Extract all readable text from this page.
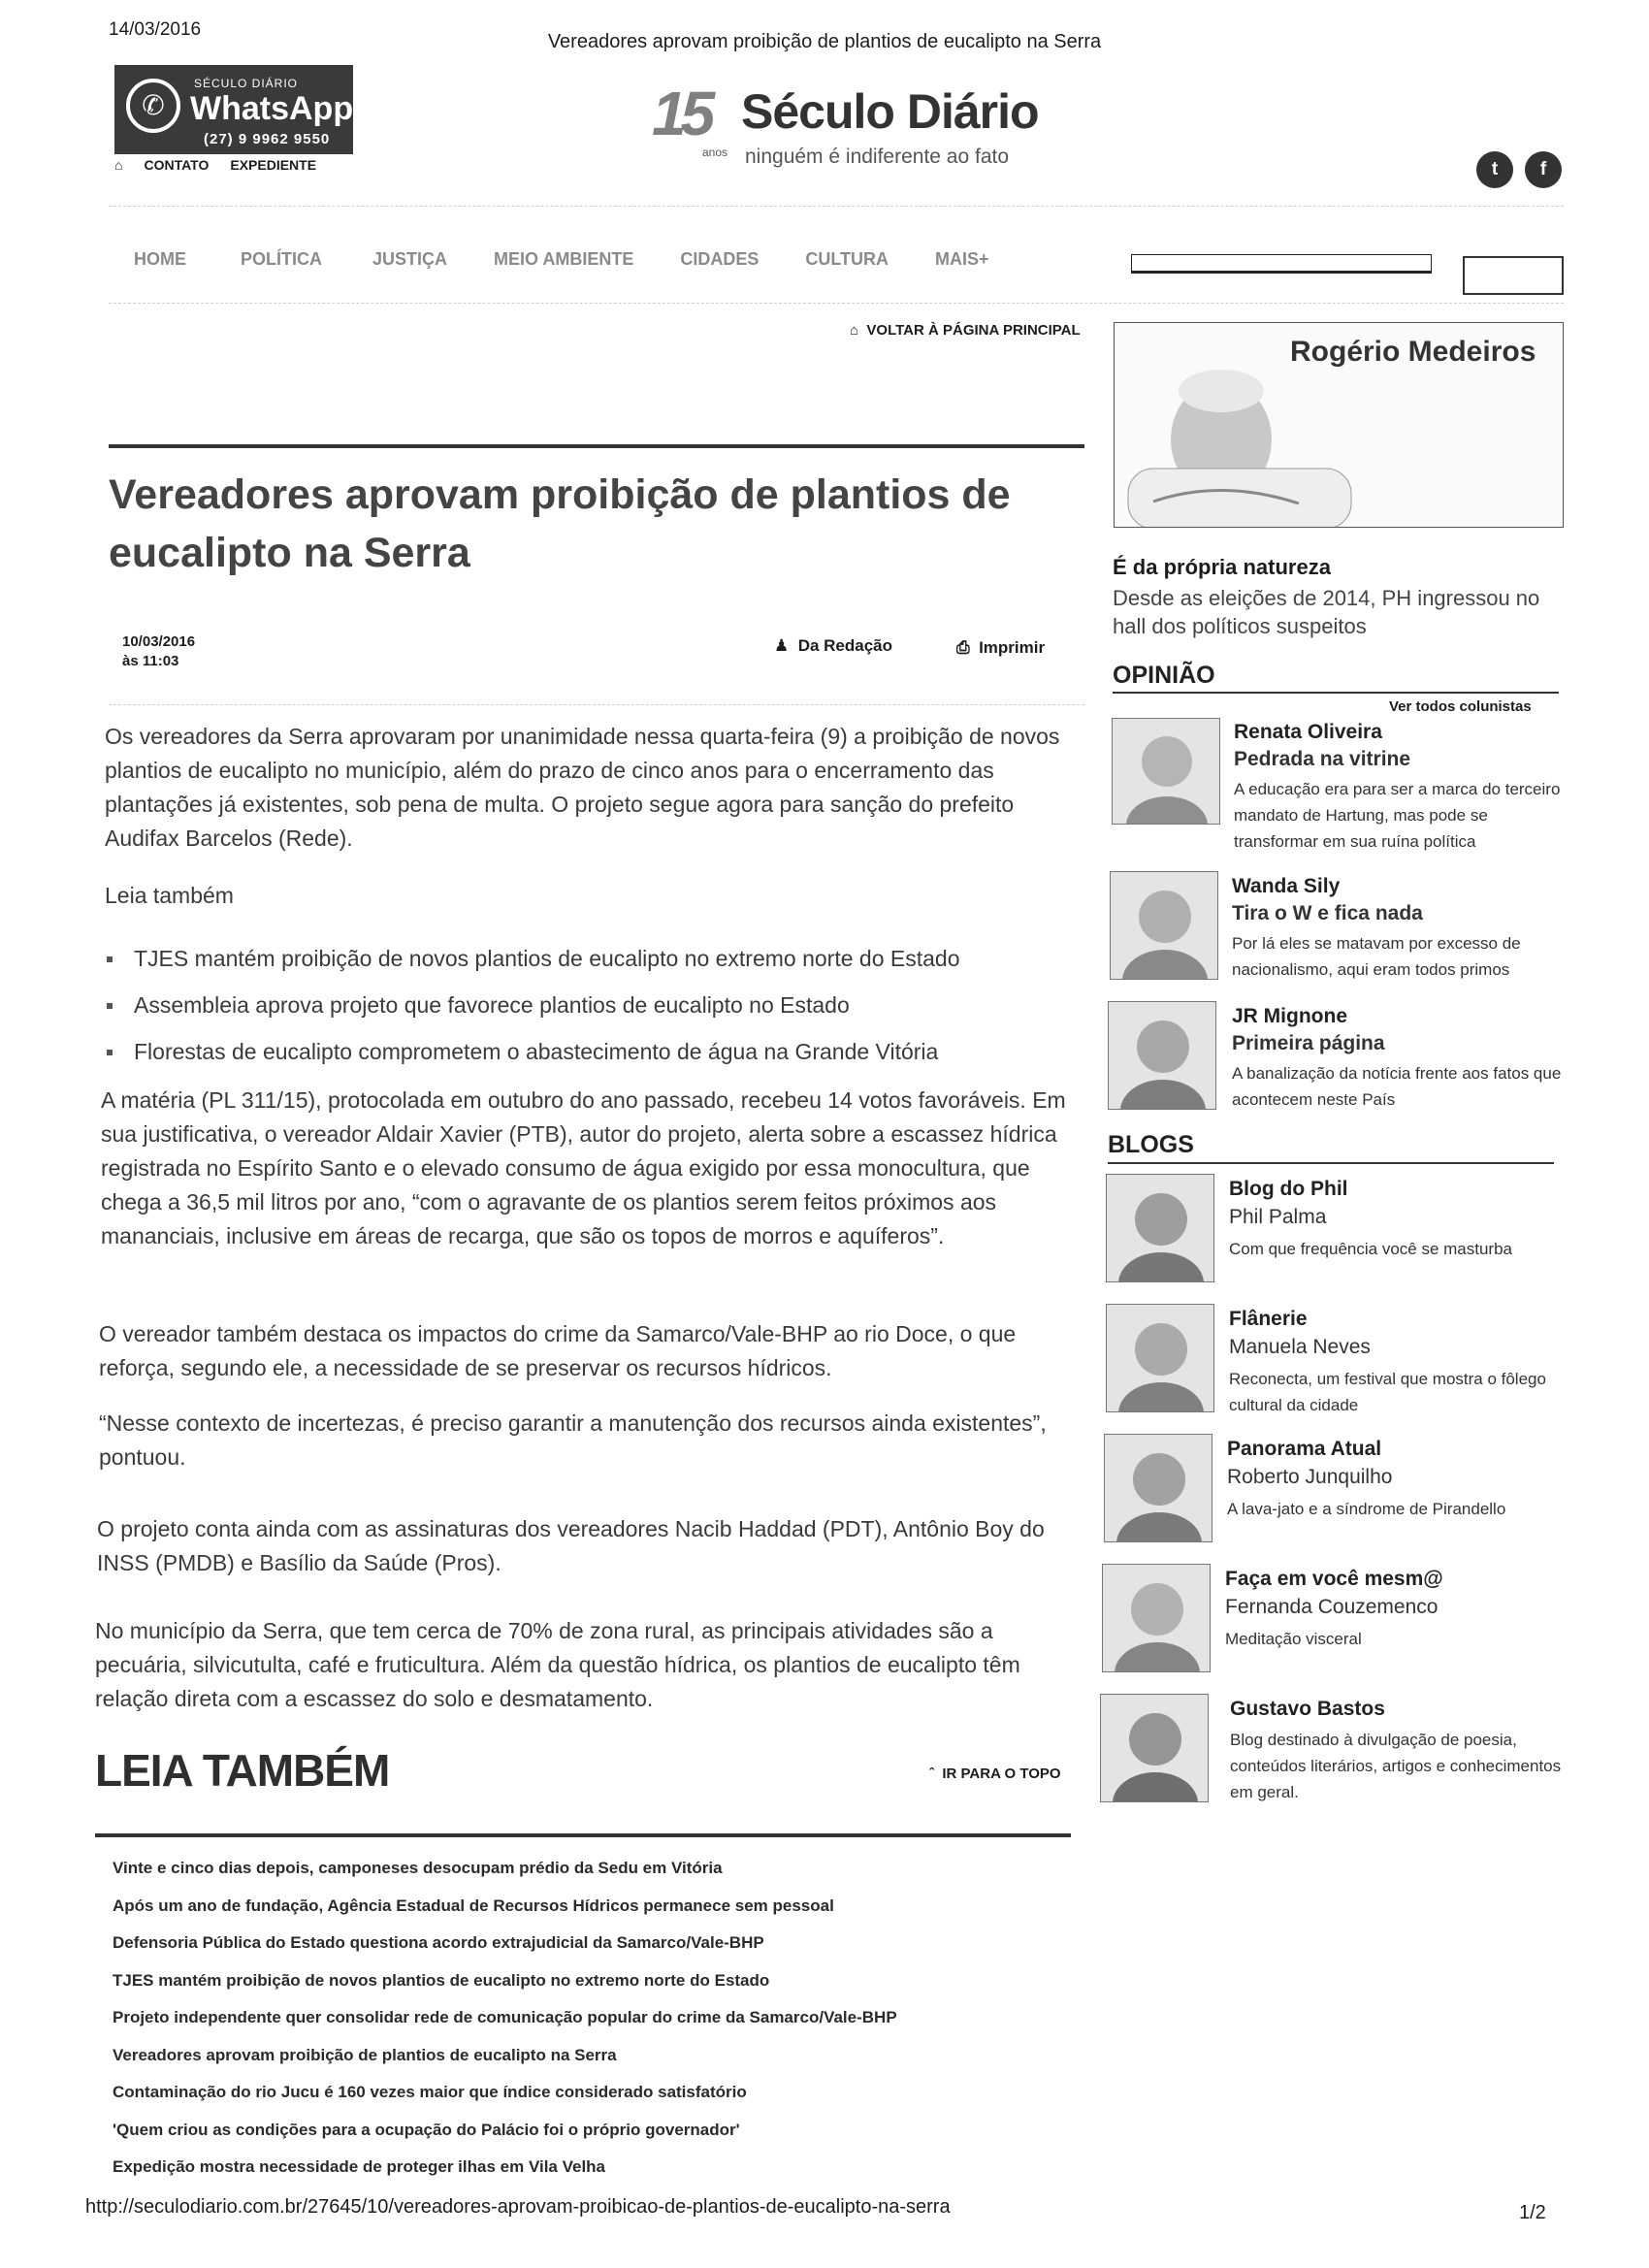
14/03/2016
Vereadores aprovam proibição de plantios de eucalipto na Serra
✆
SÉCULO DIÁRIO
WhatsApp
(27) 9 9962 9550
⌂ CONTATO EXPEDIENTE
15
anos
Século Diário
ninguém é indiferente ao fato
t	f
HOME	POLÍTICA	JUSTIÇA	MEIO AMBIENTE	CIDADES	CULTURA	MAIS+
⌂ VOLTAR À PÁGINA PRINCIPAL
Vereadores aprovam proibição de plantios de eucalipto na Serra
10/03/2016
às 11:03
♟ Da Redação	⎙ Imprimir

Os vereadores da Serra aprovaram por unanimidade nessa quarta-feira (9) a proibição de novos plantios de eucalipto no município, além do prazo de cinco anos para o encerramento das plantações já existentes, sob pena de multa. O projeto segue agora para sanção do prefeito Audifax Barcelos (Rede).

Leia também
TJES mantém proibição de novos plantios de eucalipto no extremo norte do Estado
Assembleia aprova projeto que favorece plantios de eucalipto no Estado
Florestas de eucalipto comprometem o abastecimento de água na Grande Vitória

A matéria (PL 311/15), protocolada em outubro do ano passado, recebeu 14 votos favoráveis. Em sua justificativa, o vereador Aldair Xavier (PTB), autor do projeto, alerta sobre a escassez hídrica registrada no Espírito Santo e o elevado consumo de água exigido por essa monocultura, que chega a 36,5 mil litros por ano, “com o agravante de os plantios serem feitos próximos aos mananciais, inclusive em áreas de recarga, que são os topos de morros e aquíferos”.

O vereador também destaca os impactos do crime da Samarco/Vale-BHP ao rio Doce, o que reforça, segundo ele, a necessidade de se preservar os recursos hídricos.

“Nesse contexto de incertezas, é preciso garantir a manutenção dos recursos ainda existentes”, pontuou.

O projeto conta ainda com as assinaturas dos vereadores Nacib Haddad (PDT), Antônio Boy do INSS (PMDB) e Basílio da Saúde (Pros).

No município da Serra, que tem cerca de 70% de zona rural, as principais atividades são a pecuária, silvicutulta, café e fruticultura. Além da questão hídrica, os plantios de eucalipto têm relação direta com a escassez do solo e desmatamento.

LEIA TAMBÉM	ˆ IR PARA O TOPO
Vinte e cinco dias depois, camponeses desocupam prédio da Sedu em Vitória
Após um ano de fundação, Agência Estadual de Recursos Hídricos permanece sem pessoal
Defensoria Pública do Estado questiona acordo extrajudicial da Samarco/Vale-BHP
TJES mantém proibição de novos plantios de eucalipto no extremo norte do Estado
Projeto independente quer consolidar rede de comunicação popular do crime da Samarco/Vale-BHP
Vereadores aprovam proibição de plantios de eucalipto na Serra
Contaminação do rio Jucu é 160 vezes maior que índice considerado satisfatório
'Quem criou as condições para a ocupação do Palácio foi o próprio governador'
Expedição mostra necessidade de proteger ilhas em Vila Velha
Rogério Medeiros
É da própria natureza
Desde as eleições de 2014, PH ingressou no hall dos políticos suspeitos
OPINIÃO
Ver todos colunistas
Renata Oliveira
Pedrada na vitrine
A educação era para ser a marca do terceiro mandato de Hartung, mas pode se transformar em sua ruína política
Wanda Sily
Tira o W e fica nada
Por lá eles se matavam por excesso de nacionalismo, aqui eram todos primos
JR Mignone
Primeira página
A banalização da notícia frente aos fatos que acontecem neste País
BLOGS
Blog do Phil
Phil Palma
Com que frequência você se masturba
Flânerie
Manuela Neves
Reconecta, um festival que mostra o fôlego cultural da cidade
Panorama Atual
Roberto Junquilho
A lava-jato e a síndrome de Pirandello
Faça em você mesm@
Fernanda Couzemenco
Meditação visceral
Gustavo Bastos
Blog destinado à divulgação de poesia, conteúdos literários, artigos e conhecimentos em geral.
http://seculodiario.com.br/27645/10/vereadores-aprovam-proibicao-de-plantios-de-eucalipto-na-serra	1/2
